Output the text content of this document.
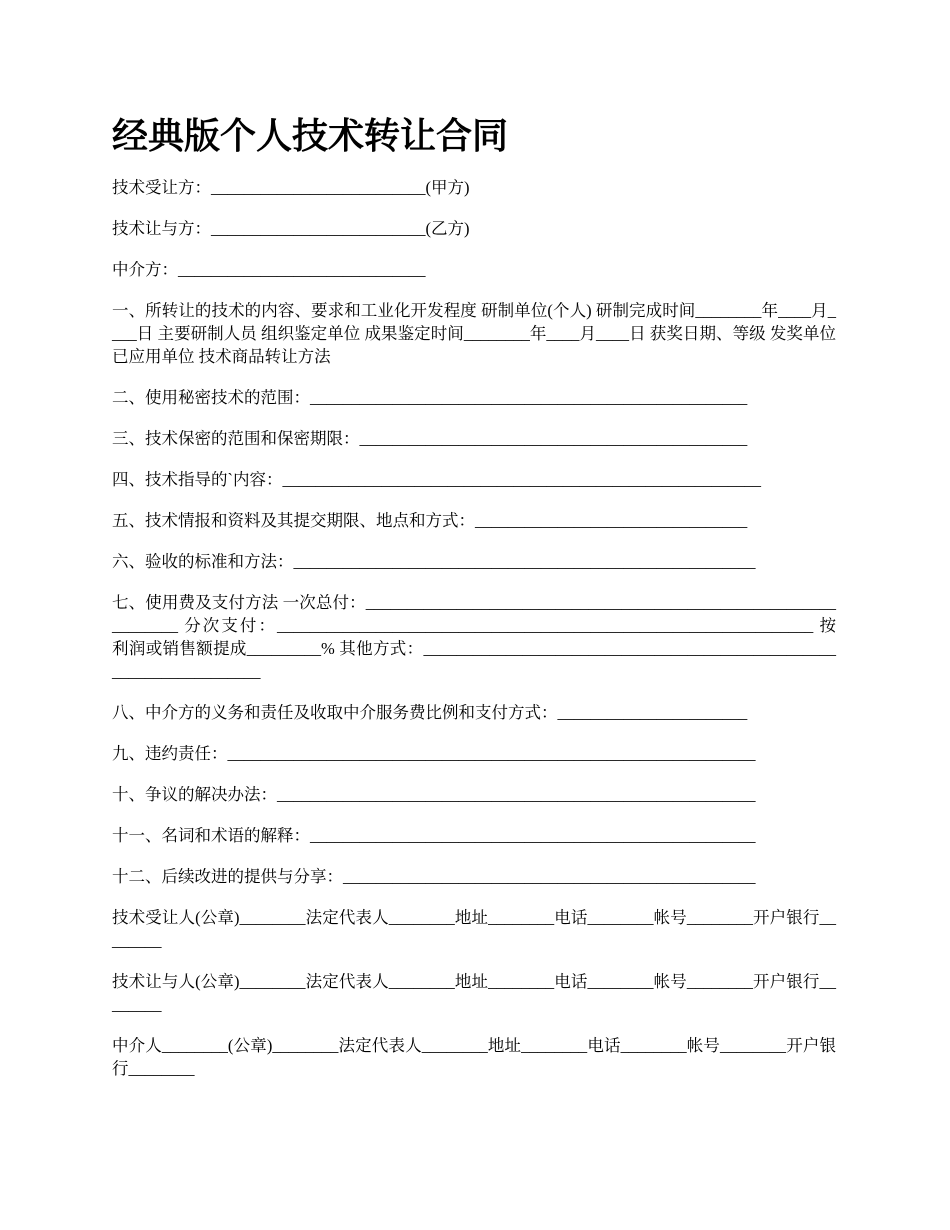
经典版个人技术转让合同

技术受让方：__________________________(甲方)

技术让与方：__________________________(乙方)

中介方：______________________________

一、所转让的技术的内容、要求和工业化开发程度 研制单位(个人) 研制完成时间________年____月____日 主要研制人员 组织鉴定单位 成果鉴定时间________年____月____日 获奖日期、等级 发奖单位 已应用单位 技术商品转让方法

二、使用秘密技术的范围：_____________________________________________________

三、技术保密的范围和保密期限：_______________________________________________

四、技术指导的`内容：__________________________________________________________

五、技术情报和资料及其提交期限、地点和方式：_________________________________

六、验收的标准和方法：________________________________________________________

七、使用费及支付方法 一次总付：_________________________________________________________________ 分次支付：_________________________________________________________________ 按利润或销售额提成_________% 其他方式：____________________________________________________________________

八、中介方的义务和责任及收取中介服务费比例和支付方式：_______________________

九、违约责任：________________________________________________________________

十、争议的解决办法：__________________________________________________________

十一、名词和术语的解释：______________________________________________________

十二、后续改进的提供与分享：__________________________________________________

技术受让人(公章)________法定代表人________地址________电话________帐号________开户银行________

技术让与人(公章)________法定代表人________地址________电话________帐号________开户银行________

中介人________(公章)________法定代表人________地址________电话________帐号________开户银行________
